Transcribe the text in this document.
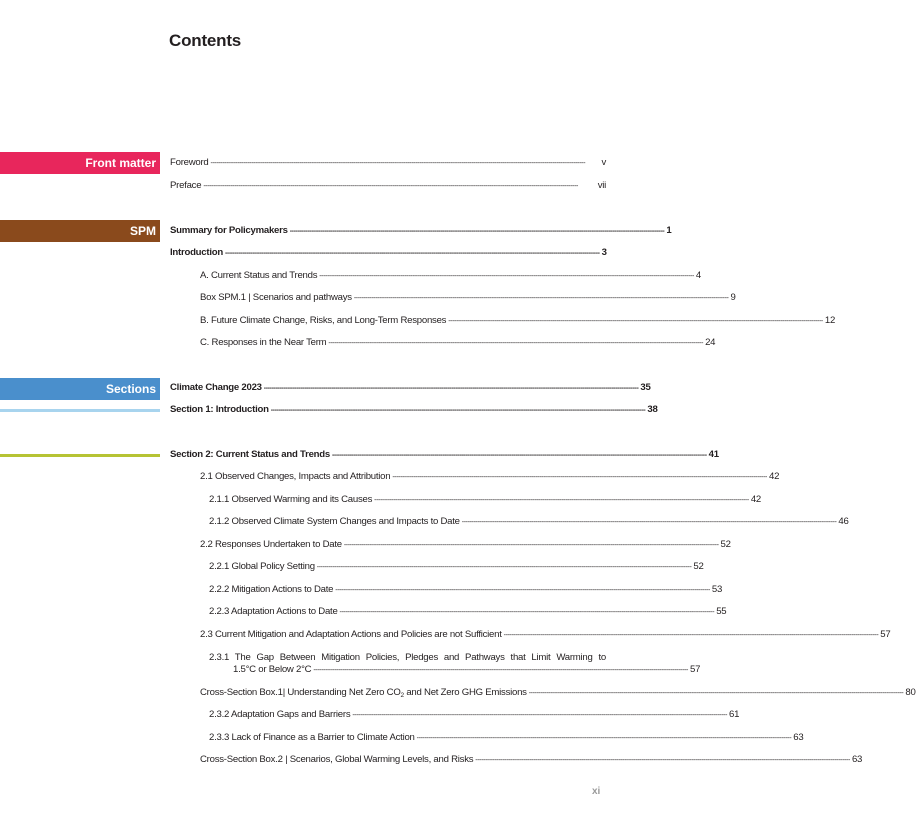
Contents
Front matter
SPM
Sections
Foreword --------------------------------------------------------------------------------------------------------------------------------------------------------------------------------------------------	v
Preface --------------------------------------------------------------------------------------------------------------------------------------------------------------------------------------------------	vii
Summary for Policymakers -------------------------------------------------------------------------------------------------------------------------------------------------------------------------------------------------- 1
Introduction -------------------------------------------------------------------------------------------------------------------------------------------------------------------------------------------------- 3
A. Current Status and Trends -------------------------------------------------------------------------------------------------------------------------------------------------------------------------------------------------- 4
Box SPM.1 | Scenarios and pathways -------------------------------------------------------------------------------------------------------------------------------------------------------------------------------------------------- 9
B. Future Climate Change, Risks, and Long-Term Responses -------------------------------------------------------------------------------------------------------------------------------------------------------------------------------------------------- 12
C. Responses in the Near Term -------------------------------------------------------------------------------------------------------------------------------------------------------------------------------------------------- 24
Climate Change 2023 -------------------------------------------------------------------------------------------------------------------------------------------------------------------------------------------------- 35
Section 1: Introduction -------------------------------------------------------------------------------------------------------------------------------------------------------------------------------------------------- 38
Section 2: Current Status and Trends -------------------------------------------------------------------------------------------------------------------------------------------------------------------------------------------------- 41
2.1 Observed Changes, Impacts and Attribution -------------------------------------------------------------------------------------------------------------------------------------------------------------------------------------------------- 42
2.1.1 Observed Warming and its Causes -------------------------------------------------------------------------------------------------------------------------------------------------------------------------------------------------- 42
2.1.2 Observed Climate System Changes and Impacts to Date -------------------------------------------------------------------------------------------------------------------------------------------------------------------------------------------------- 46
2.2 Responses Undertaken to Date -------------------------------------------------------------------------------------------------------------------------------------------------------------------------------------------------- 52
2.2.1 Global Policy Setting -------------------------------------------------------------------------------------------------------------------------------------------------------------------------------------------------- 52
2.2.2 Mitigation Actions to Date -------------------------------------------------------------------------------------------------------------------------------------------------------------------------------------------------- 53
2.2.3 Adaptation Actions to Date -------------------------------------------------------------------------------------------------------------------------------------------------------------------------------------------------- 55
2.3 Current Mitigation and Adaptation Actions and Policies are not Sufficient -------------------------------------------------------------------------------------------------------------------------------------------------------------------------------------------------- 57
2.3.1 The Gap Between Mitigation Policies, Pledges and Pathways that Limit Warming to
1.5°C or Below 2°C -------------------------------------------------------------------------------------------------------------------------------------------------------------------------------------------------- 57
Cross-Section Box.1| Understanding Net Zero $CO_2$ and Net Zero GHG Emissions -------------------------------------------------------------------------------------------------------------------------------------------------------------------------------------------------- 80
2.3.2 Adaptation Gaps and Barriers -------------------------------------------------------------------------------------------------------------------------------------------------------------------------------------------------- 61
2.3.3 Lack of Finance as a Barrier to Climate Action -------------------------------------------------------------------------------------------------------------------------------------------------------------------------------------------------- 63
Cross-Section Box.2 | Scenarios, Global Warming Levels, and Risks -------------------------------------------------------------------------------------------------------------------------------------------------------------------------------------------------- 63
xi
